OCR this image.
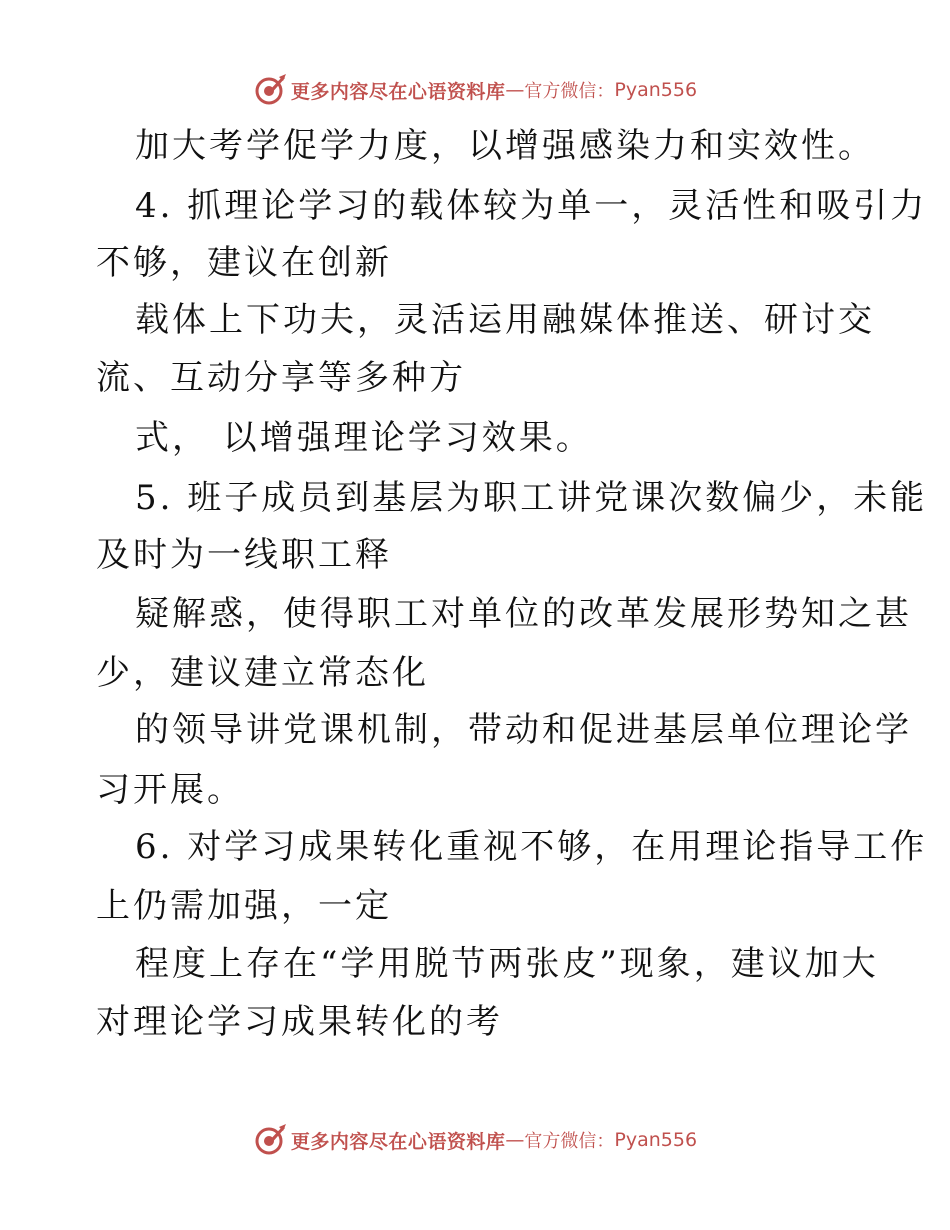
更多内容尽在心语资料库 — 官方微信： Pyan556
加大考学促学力度，以增强感染力和实效性。
4. 抓理论学习的载体较为单一，灵活性和吸引力
不够，建议在创新
载体上下功夫，灵活运用融媒体推送、研讨交
流、互动分享等多种方
式， 以增强理论学习效果。
5. 班子成员到基层为职工讲党课次数偏少，未能
及时为一线职工释
疑解惑，使得职工对单位的改革发展形势知之甚
少，建议建立常态化
的领导讲党课机制，带动和促进基层单位理论学
习开展。
6. 对学习成果转化重视不够，在用理论指导工作
上仍需加强，一定
程度上存在“学用脱节两张皮”现象，建议加大
对理论学习成果转化的考
更多内容尽在心语资料库 — 官方微信： Pyan556
